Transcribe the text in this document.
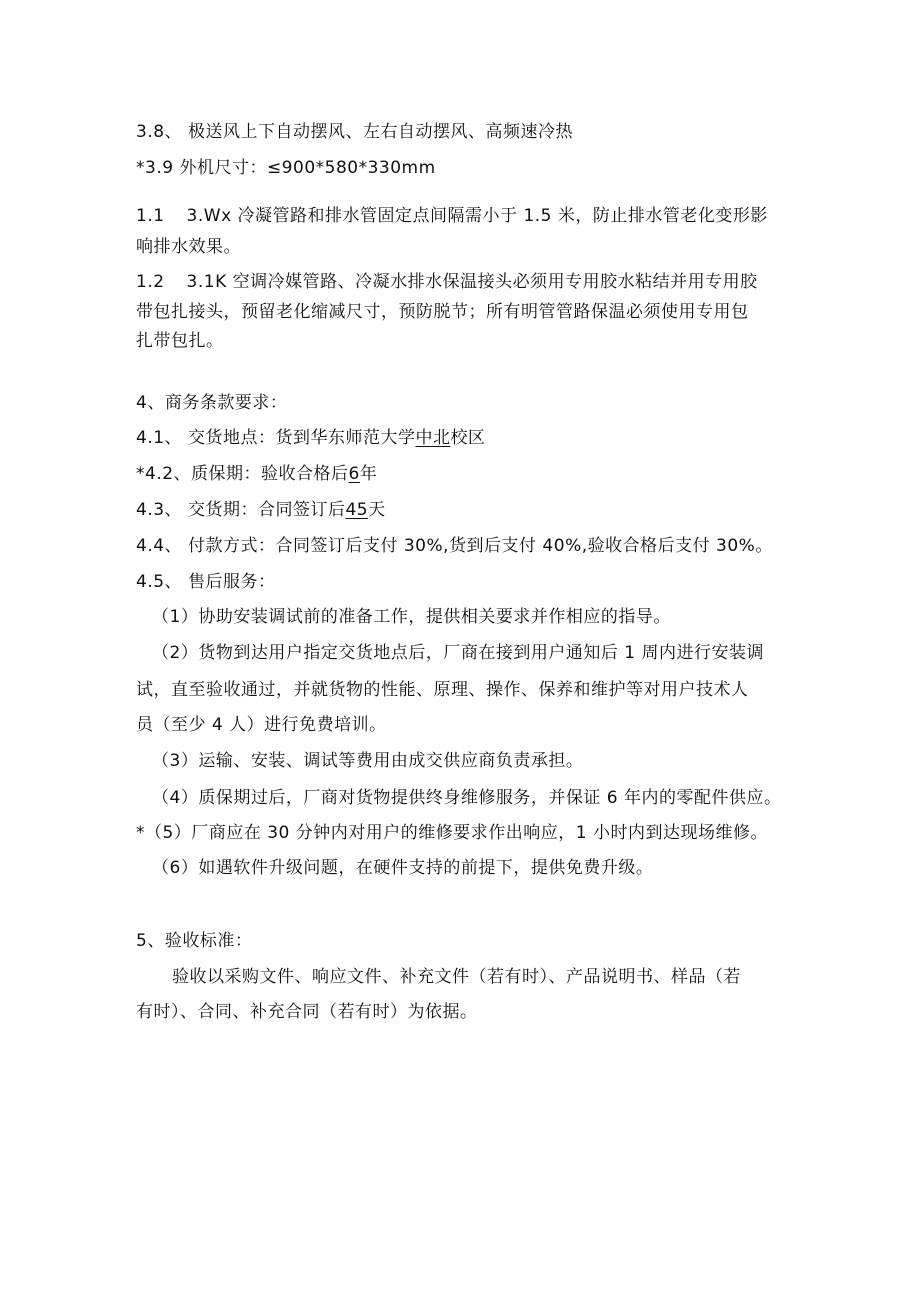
3.8、 极送风上下自动摆风、左右自动摆风、高频速冷热
*3.9 外机尺寸：≤900*580*330mm
1.1 3.Wx 冷凝管路和排水管固定点间隔需小于 1.5 米，防止排水管老化变形影
响排水效果。
1.2 3.1K 空调冷媒管路、冷凝水排水保温接头必须用专用胶水粘结并用专用胶
带包扎接头，预留老化缩减尺寸，预防脱节；所有明管管路保温必须使用专用包
扎带包扎。
4、商务条款要求：
4.1、 交货地点：货到华东师范大学中北校区
*4.2、质保期：验收合格后6年
4.3、 交货期：合同签订后45天
4.4、 付款方式：合同签订后支付 30%,货到后支付 40%,验收合格后支付 30%。
4.5、 售后服务：
（1）协助安装调试前的准备工作，提供相关要求并作相应的指导。
（2）货物到达用户指定交货地点后，厂商在接到用户通知后 1 周内进行安装调
试，直至验收通过，并就货物的性能、原理、操作、保养和维护等对用户技术人
员（至少 4 人）进行免费培训。
（3）运输、安装、调试等费用由成交供应商负责承担。
（4）质保期过后，厂商对货物提供终身维修服务，并保证 6 年内的零配件供应。
*（5）厂商应在 30 分钟内对用户的维修要求作出响应，1 小时内到达现场维修。
（6）如遇软件升级问题，在硬件支持的前提下，提供免费升级。
5、验收标准：
验收以采购文件、响应文件、补充文件（若有时）、产品说明书、样品（若
有时）、合同、补充合同（若有时）为依据。
